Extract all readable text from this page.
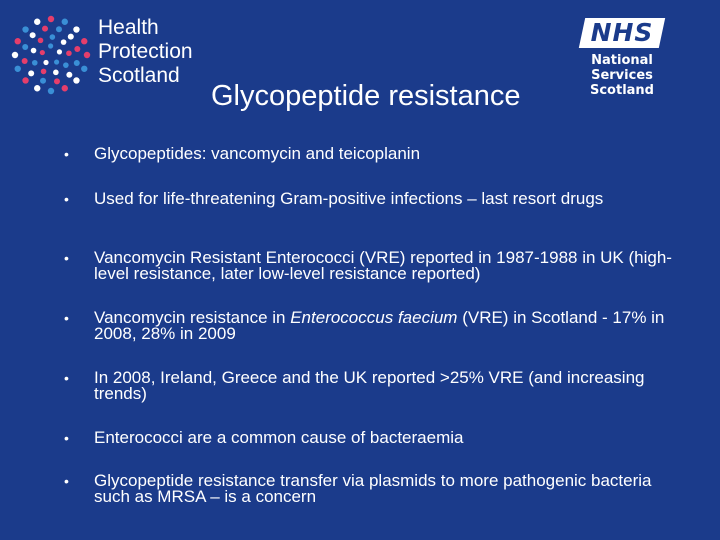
Health
Protection
Scotland
Glycopeptide resistance
NHS
National
Services
Scotland
• Glycopeptides: vancomycin and teicoplanin
• Used for life-threatening Gram-positive infections – last resort drugs
• Vancomycin Resistant Enterococci (VRE) reported in 1987-1988 in UK (high-level resistance, later low-level resistance reported)
• Vancomycin resistance in Enterococcus faecium (VRE) in Scotland - 17% in 2008, 28% in 2009
• In 2008, Ireland, Greece and the UK reported >25% VRE (and increasing trends)
• Enterococci are a common cause of bacteraemia
• Glycopeptide resistance transfer via plasmids to more pathogenic bacteria such as MRSA – is a concern
